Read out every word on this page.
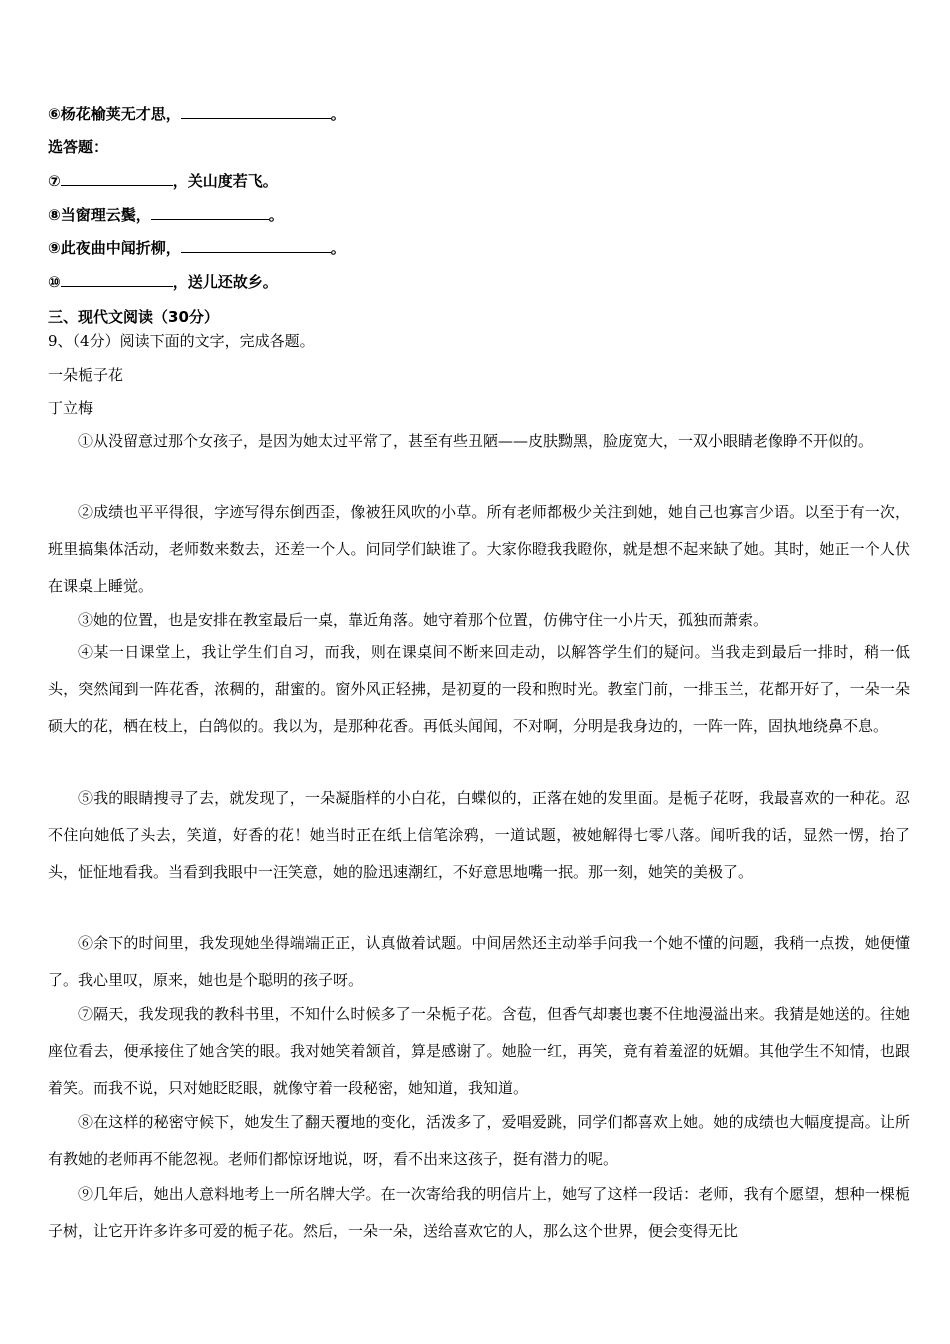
⑥杨花榆荚无才思，	。
选答题：
⑦	，关山度若飞。
⑧当窗理云鬓，	。
⑨此夜曲中闻折柳，	。
⑩	，送儿还故乡。
三、现代文阅读（30分）
9、（4分）阅读下面的文字，完成各题。
一朵栀子花
丁立梅
①从没留意过那个女孩子，是因为她太过平常了，甚至有些丑陋——皮肤黝黑，脸庞宽大，一双小眼睛老像睁不开似的。
②成绩也平平得很，字迹写得东倒西歪，像被狂风吹的小草。所有老师都极少关注到她，她自己也寡言少语。以至于有一次，班里搞集体活动，老师数来数去，还差一个人。问同学们缺谁了。大家你瞪我我瞪你，就是想不起来缺了她。其时，她正一个人伏在课桌上睡觉。
③她的位置，也是安排在教室最后一桌，靠近角落。她守着那个位置，仿佛守住一小片天，孤独而萧索。
④某一日课堂上，我让学生们自习，而我，则在课桌间不断来回走动，以解答学生们的疑问。当我走到最后一排时，稍一低头，突然闻到一阵花香，浓稠的，甜蜜的。窗外风正轻拂，是初夏的一段和煦时光。教室门前，一排玉兰，花都开好了，一朵一朵硕大的花，栖在枝上，白鸽似的。我以为，是那种花香。再低头闻闻，不对啊，分明是我身边的，一阵一阵，固执地绕鼻不息。
⑤我的眼睛搜寻了去，就发现了，一朵凝脂样的小白花，白蝶似的，正落在她的发里面。是栀子花呀，我最喜欢的一种花。忍不住向她低了头去，笑道，好香的花！她当时正在纸上信笔涂鸦，一道试题，被她解得七零八落。闻听我的话，显然一愣，抬了头，怔怔地看我。当看到我眼中一汪笑意，她的脸迅速潮红，不好意思地嘴一抿。那一刻，她笑的美极了。
⑥余下的时间里，我发现她坐得端端正正，认真做着试题。中间居然还主动举手问我一个她不懂的问题，我稍一点拨，她便懂了。我心里叹，原来，她也是个聪明的孩子呀。
⑦隔天，我发现我的教科书里，不知什么时候多了一朵栀子花。含苞，但香气却裹也裹不住地漫溢出来。我猜是她送的。往她座位看去，便承接住了她含笑的眼。我对她笑着颔首，算是感谢了。她脸一红，再笑，竟有着羞涩的妩媚。其他学生不知情，也跟着笑。而我不说，只对她眨眨眼，就像守着一段秘密，她知道，我知道。
⑧在这样的秘密守候下，她发生了翻天覆地的变化，活泼多了，爱唱爱跳，同学们都喜欢上她。她的成绩也大幅度提高。让所有教她的老师再不能忽视。老师们都惊讶地说，呀，看不出来这孩子，挺有潜力的呢。
⑨几年后，她出人意料地考上一所名牌大学。在一次寄给我的明信片上，她写了这样一段话：老师，我有个愿望，想种一棵栀子树，让它开许多许多可爱的栀子花。然后，一朵一朵，送给喜欢它的人，那么这个世界，便会变得无比
